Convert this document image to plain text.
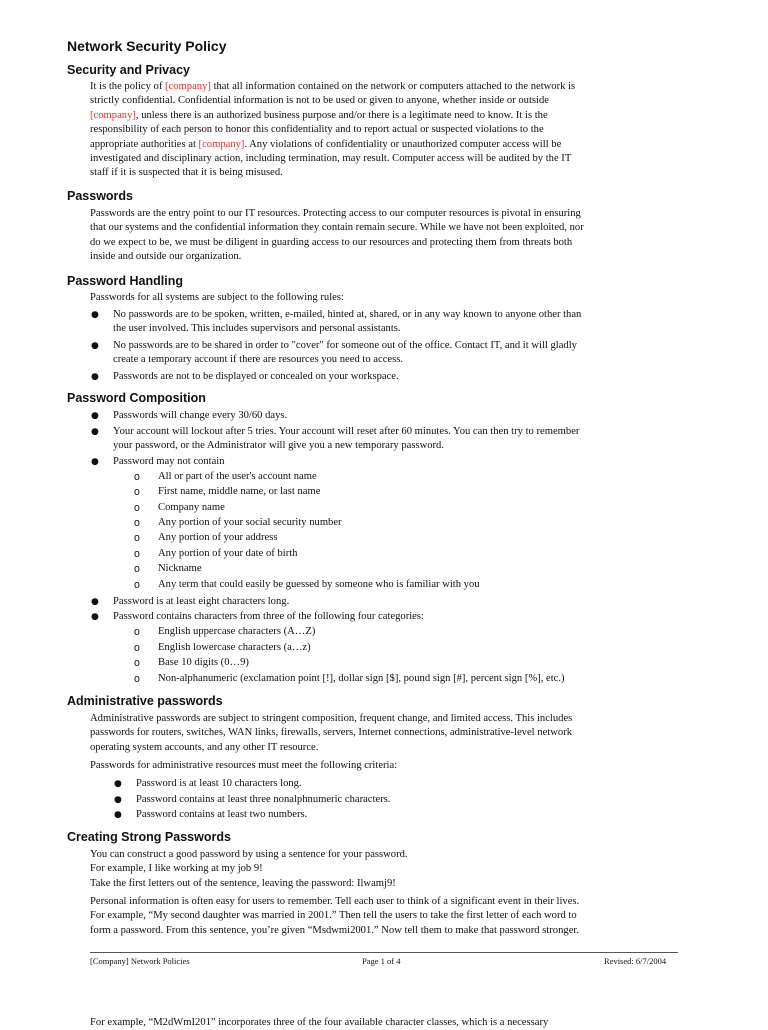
Network Security Policy
Security and Privacy

It is the policy of [company] that all information contained on the network or computers attached to the network is
strictly confidential. Confidential information is not to be used or given to anyone, whether inside or outside
[company], unless there is an authorized business purpose and/or there is a legitimate need to know. It is the
responsibility of each person to honor this confidentiality and to report actual or suspected violations to the
appropriate authorities at [company]. Any violations of confidentiality or unauthorized computer access will be
investigated and disciplinary action, including termination, may result. Computer access will be audited by the IT
staff if it is suspected that it is being misused.

Passwords

Passwords are the entry point to our IT resources. Protecting access to our computer resources is pivotal in ensuring
that our systems and the confidential information they contain remain secure. While we have not been exploited, nor
do we expect to be, we must be diligent in guarding access to our resources and protecting them from threats both
inside and outside our organization.

Password Handling

Passwords for all systems are subject to the following rules:

● No passwords are to be spoken, written, e-mailed, hinted at, shared, or in any way known to anyone other than
the user involved. This includes supervisors and personal assistants.

● No passwords are to be shared in order to "cover" for someone out of the office. Contact IT, and it will gladly
create a temporary account if there are resources you need to access.

● Passwords are not to be displayed or concealed on your workspace.

Password Composition
● Passwords will change every 30/60 days.

● Your account will lockout after 5 tries. Your account will reset after 60 minutes. You can then try to remember
your password, or the Administrator will give you a new temporary password.

● Password may not contain

o	All or part of the user's account name

o	First name, middle name, or last name

o	Company name

o	Any portion of your social security number

o	Any portion of your address

o	Any portion of your date of birth

o	Nickname

o	Any term that could easily be guessed by someone who is familiar with you

● Password is at least eight characters long.

● Password contains characters from three of the following four categories:

o	English uppercase characters (A…Z)

o	English lowercase characters (a…z)

o	Base 10 digits (0…9)

o	Non-alphanumeric (exclamation point [!], dollar sign [$], pound sign [#], percent sign [%], etc.)

Administrative passwords

Administrative passwords are subject to stringent composition, frequent change, and limited access. This includes
passwords for routers, switches, WAN links, firewalls, servers, Internet connections, administrative-level network
operating system accounts, and any other IT resource.

Passwords for administrative resources must meet the following criteria:

● Password is at least 10 characters long.

● Password contains at least three nonalphnumeric characters.

● Password contains at least two numbers.

Creating Strong Passwords

You can construct a good password by using a sentence for your password.
For example, I like working at my job 9!
Take the first letters out of the sentence, leaving the password: Ilwamj9!

Personal information is often easy for users to remember. Tell each user to think of a significant event in their lives.
For example, “My second daughter was married in 2001.” Then tell the users to take the first letter of each word to
form a password. From this sentence, you’re given “Msdwmi2001.” Now tell them to make that password stronger.

[Company] Network Policies	Page 1 of 4	Revised: 6/7/2004

For example, “M2dWmI201” incorporates three of the four available character classes, which is a necessary
